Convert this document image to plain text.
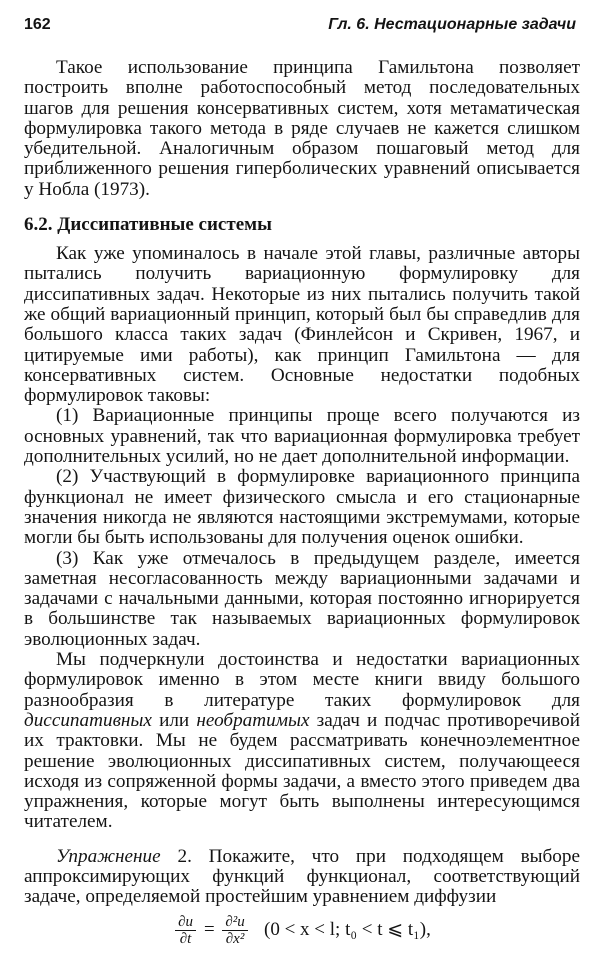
162	Гл. 6. Нестационарные задачи

Такое использование принципа Гамильтона позволяет построить вполне работоспособный метод последовательных шагов для решения консервативных систем, хотя метаматическая формулировка такого метода в ряде случаев не кажется слишком убедительной. Аналогичным образом пошаговый метод для приближенного решения гиперболических уравнений описывается у Нобла (1973).

6.2. Диссипативные системы

Как уже упоминалось в начале этой главы, различные авторы пытались получить вариационную формулировку для диссипативных задач. Некоторые из них пытались получить такой же общий вариационный принцип, который был бы справедлив для большого класса таких задач (Финлейсон и Скривен, 1967, и цитируемые ими работы), как принцип Гамильтона — для консервативных систем. Основные недостатки подобных формулировок таковы:

(1) Вариационные принципы проще всего получаются из основных уравнений, так что вариационная формулировка требует дополнительных усилий, но не дает дополнительной информации.

(2) Участвующий в формулировке вариационного принципа функционал не имеет физического смысла и его стационарные значения никогда не являются настоящими экстремумами, которые могли бы быть использованы для получения оценок ошибки.

(3) Как уже отмечалось в предыдущем разделе, имеется заметная несогласованность между вариационными задачами и задачами с начальными данными, которая постоянно игнорируется в большинстве так называемых вариационных формулировок эволюционных задач.

Мы подчеркнули достоинства и недостатки вариационных формулировок именно в этом месте книги ввиду большого разнообразия в литературе таких формулировок для диссипативных или необратимых задач и подчас противоречивой их трактовки. Мы не будем рассматривать конечноэлементное решение эволюционных диссипативных систем, получающееся исходя из сопряженной формы задачи, а вместо этого приведем два упражнения, которые могут быть выполнены интересующимся читателем.

Упражнение 2. Покажите, что при подходящем выборе аппроксимирующих функций функционал, соответствующий задаче, определяемой простейшим уравнением диффузии

$\frac{\partial u}{\partial t} = \frac{\text{∂²u}}{\text{∂x²}} (0 < x < l$; t₀ < t ⩽ t₁),
